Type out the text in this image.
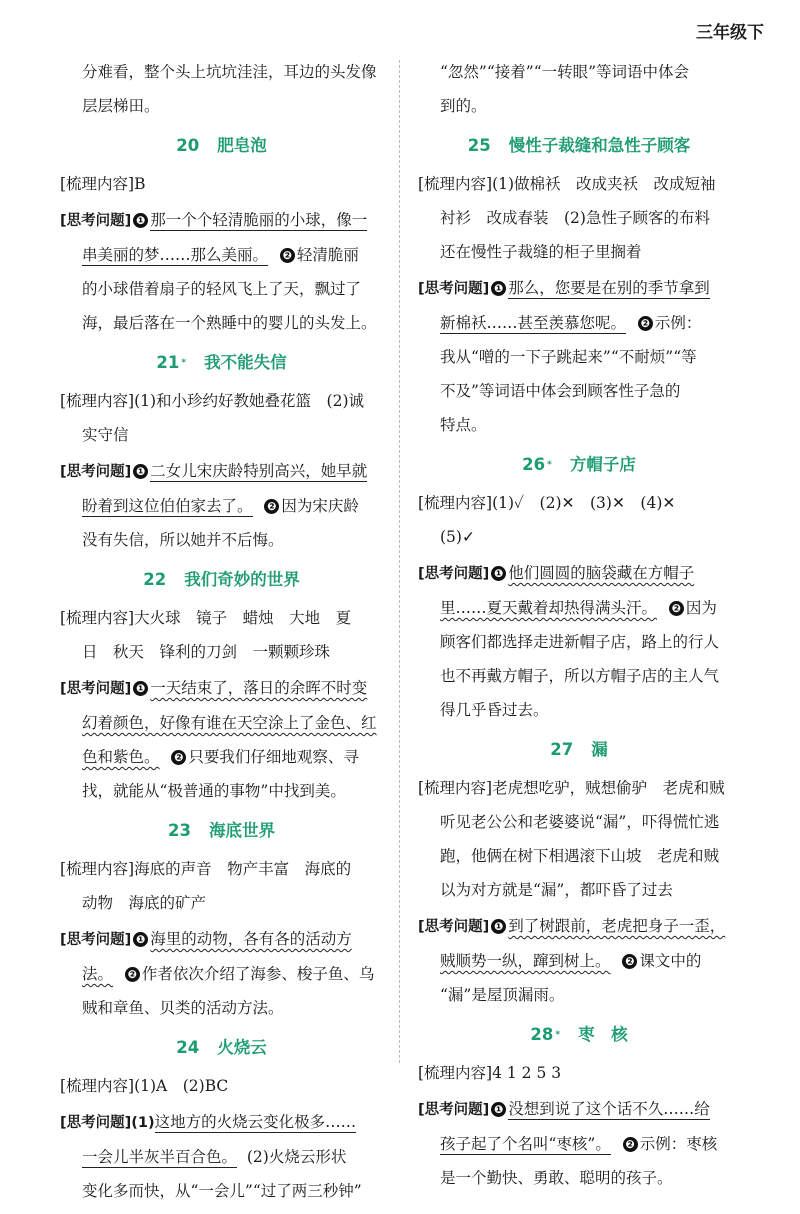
三年级下

分难看，整个头上坑坑洼洼，耳边的头发像

层层梯田。

20 肥皂泡

[梳理内容]B

[思考问题] ❶ 那一个个轻清脆丽的小球，像一

串美丽的梦……那么美丽。 ❷ 轻清脆丽

的小球借着扇子的轻风飞上了天，飘过了

海，最后落在一个熟睡中的婴儿的头发上。

21 * 我不能失信

[梳理内容](1)和小珍约好教她叠花篮　(2)诚

实守信

[思考问题] ❶ 二女儿宋庆龄特别高兴，她早就

盼着到这位伯伯家去了。 ❷ 因为宋庆龄

没有失信，所以她并不后悔。

22 我们奇妙的世界

[梳理内容]大火球　镜子　蜡烛　大地　夏

日　秋天　锋利的刀剑　一颗颗珍珠

[思考问题] ❶ 一天结束了，落日的余晖不时变

幻着颜色，好像有谁在天空涂上了金色、红

色和紫色。 ❷ 只要我们仔细地观察、寻

找，就能从“极普通的事物”中找到美。

23 海底世界

[梳理内容]海底的声音　物产丰富　海底的

动物　海底的矿产

[思考问题] ❶ 海里的动物，各有各的活动方

法。 ❷ 作者依次介绍了海参、梭子鱼、乌

贼和章鱼、贝类的活动方法。

24 火烧云

[梳理内容](1)A　(2)BC

[思考问题](1)这地方的火烧云变化极多……

一会儿半灰半百合色。 (2)火烧云形状

变化多而快，从“一会儿”“过了两三秒钟”

“忽然”“接着”“一转眼”等词语中体会

到的。

25 慢性子裁缝和急性子顾客

[梳理内容](1)做棉袄　改成夹袄　改成短袖

衬衫　改成春装　(2)急性子顾客的布料

还在慢性子裁缝的柜子里搁着

[思考问题] ❶ 那么，您要是在别的季节拿到

新棉袄……甚至羡慕您呢。 ❷ 示例：

我从“噌的一下子跳起来”“不耐烦”“等

不及”等词语中体会到顾客性子急的

特点。

26 * 方帽子店

[梳理内容](1)✓　(2)✕　(3)✕　(4)✕

(5)✓

[思考问题] ❶ 他们圆圆的脑袋藏在方帽子

里……夏天戴着却热得满头汗。 ❷ 因为

顾客们都选择走进新帽子店，路上的行人

也不再戴方帽子，所以方帽子店的主人气

得几乎昏过去。

27 漏

[梳理内容]老虎想吃驴，贼想偷驴　老虎和贼

听见老公公和老婆婆说“漏”，吓得慌忙逃

跑，他俩在树下相遇滚下山坡　老虎和贼

以为对方就是“漏”，都吓昏了过去

[思考问题] ❶ 到了树跟前，老虎把身子一歪，

贼顺势一纵，蹿到树上。 ❷ 课文中的

“漏”是屋顶漏雨。

28 * 枣　核

[梳理内容]4 1 2 5 3

[思考问题] ❶ 没想到说了这个话不久……给

孩子起了个名叫“枣核”。 ❷ 示例：枣核

是一个勤快、勇敢、聪明的孩子。
